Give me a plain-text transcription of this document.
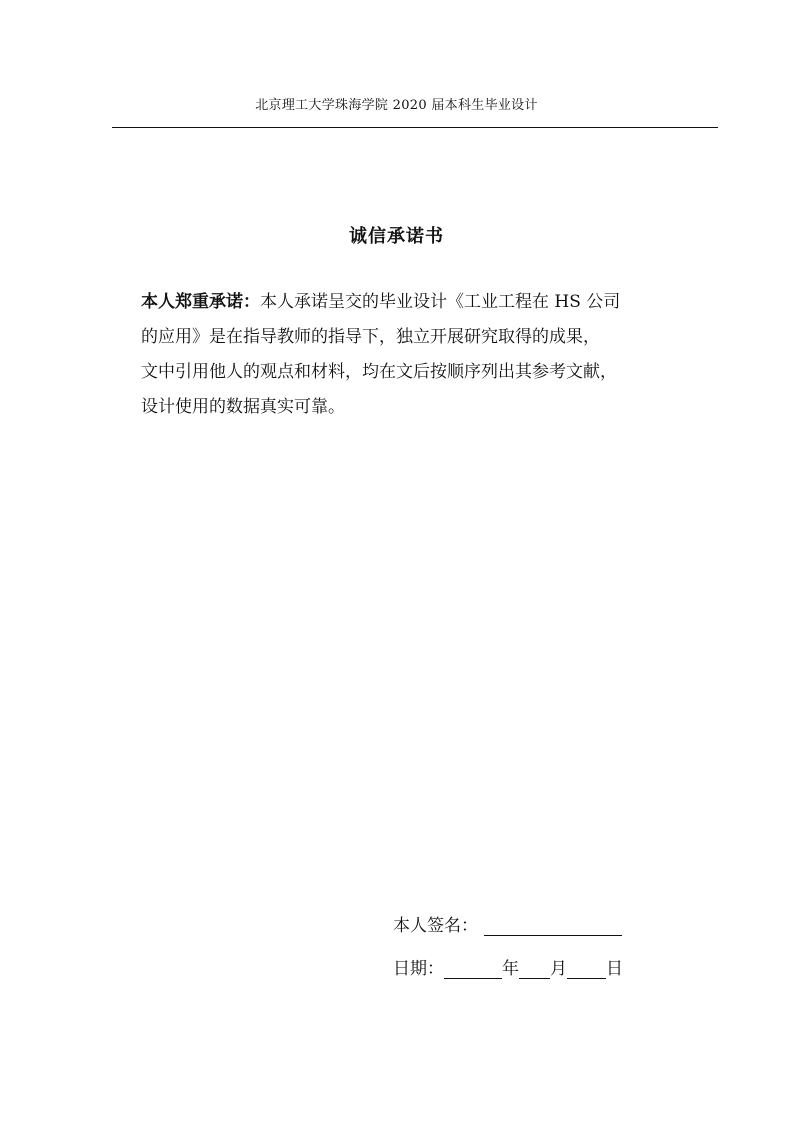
北京理工大学珠海学院 2020 届本科生毕业设计
诚信承诺书
本人郑重承诺：本人承诺呈交的毕业设计《工业工程在 HS 公司
的应用》是在指导教师的指导下，独立开展研究取得的成果，
文中引用他人的观点和材料，均在文后按顺序列出其参考文献，
设计使用的数据真实可靠。
本人签名：
日期：	年 月 日
